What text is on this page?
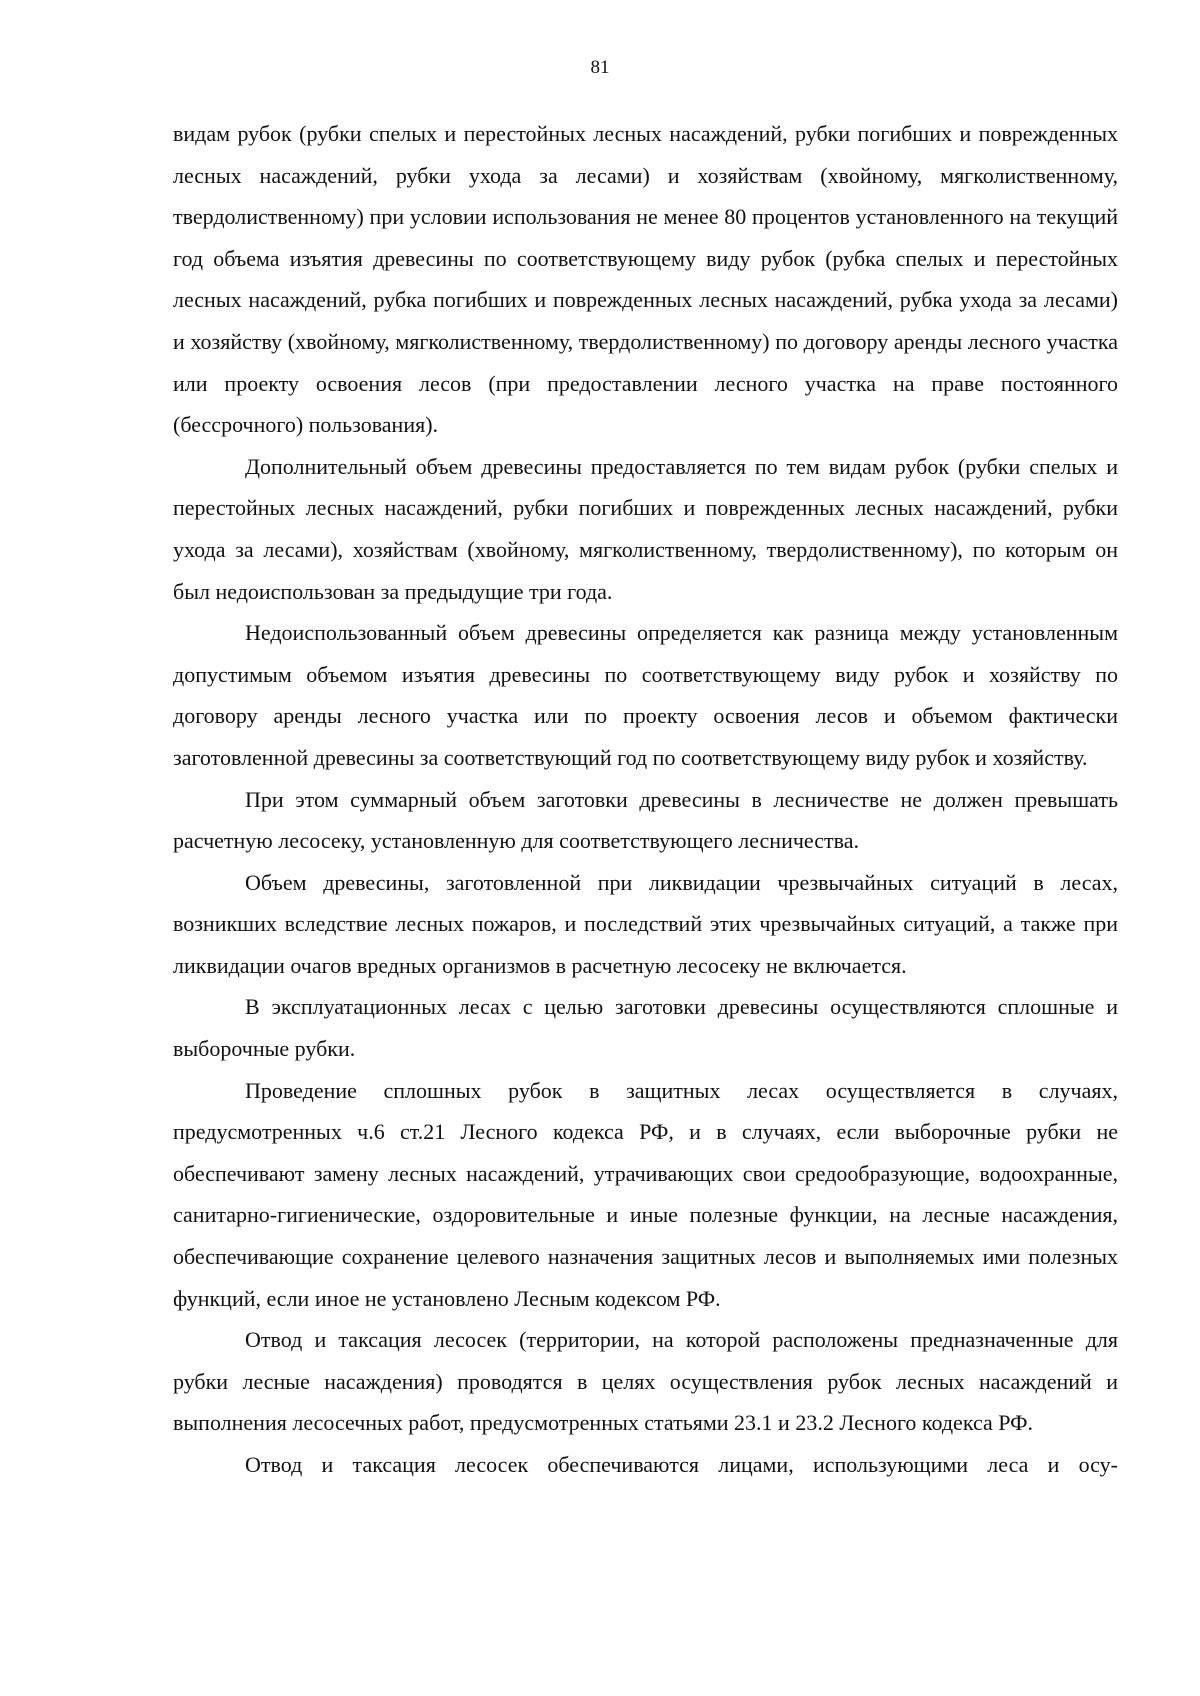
81

видам рубок (рубки спелых и перестойных лесных насаждений, рубки погибших и поврежденных лесных насаждений, рубки ухода за лесами) и хозяйствам (хвойному, мягколиственному, твердолиственному) при условии использования не менее 80 процентов установленного на текущий год объема изъятия древесины по соответствующему виду рубок (рубка спелых и перестойных лесных насаждений, рубка погибших и поврежденных лесных насаждений, рубка ухода за лесами) и хозяйству (хвойному, мягколиственному, твердолиственному) по договору аренды лесного участка или проекту освоения лесов (при предоставлении лесного участка на праве постоянного (бессрочного) пользования).

Дополнительный объем древесины предоставляется по тем видам рубок (рубки спелых и перестойных лесных насаждений, рубки погибших и поврежденных лесных насаждений, рубки ухода за лесами), хозяйствам (хвойному, мягколиственному, твердолиственному), по которым он был недоиспользован за предыдущие три года.

Недоиспользованный объем древесины определяется как разница между установленным допустимым объемом изъятия древесины по соответствующему виду рубок и хозяйству по договору аренды лесного участка или по проекту освоения лесов и объемом фактически заготовленной древесины за соответствующий год по соответствующему виду рубок и хозяйству.

При этом суммарный объем заготовки древесины в лесничестве не должен превышать расчетную лесосеку, установленную для соответствующего лесничества.

Объем древесины, заготовленной при ликвидации чрезвычайных ситуаций в лесах, возникших вследствие лесных пожаров, и последствий этих чрезвычайных ситуаций, а также при ликвидации очагов вредных организмов в расчетную лесосеку не включается.

В эксплуатационных лесах с целью заготовки древесины осуществляются сплошные и выборочные рубки.

Проведение сплошных рубок в защитных лесах осуществляется в случаях, предусмотренных ч.6 ст.21 Лесного кодекса РФ, и в случаях, если выборочные рубки не обеспечивают замену лесных насаждений, утрачивающих свои средообразующие, водоохранные, санитарно-гигиенические, оздоровительные и иные полезные функции, на лесные насаждения, обеспечивающие сохранение целевого назначения защитных лесов и выполняемых ими полезных функций, если иное не установлено Лесным кодексом РФ.

Отвод и таксация лесосек (территории, на которой расположены предназначенные для рубки лесные насаждения) проводятся в целях осуществления рубок лесных насаждений и выполнения лесосечных работ, предусмотренных статьями 23.1 и 23.2 Лесного кодекса РФ.

Отвод и таксация лесосек обеспечиваются лицами, использующими леса и осу-
